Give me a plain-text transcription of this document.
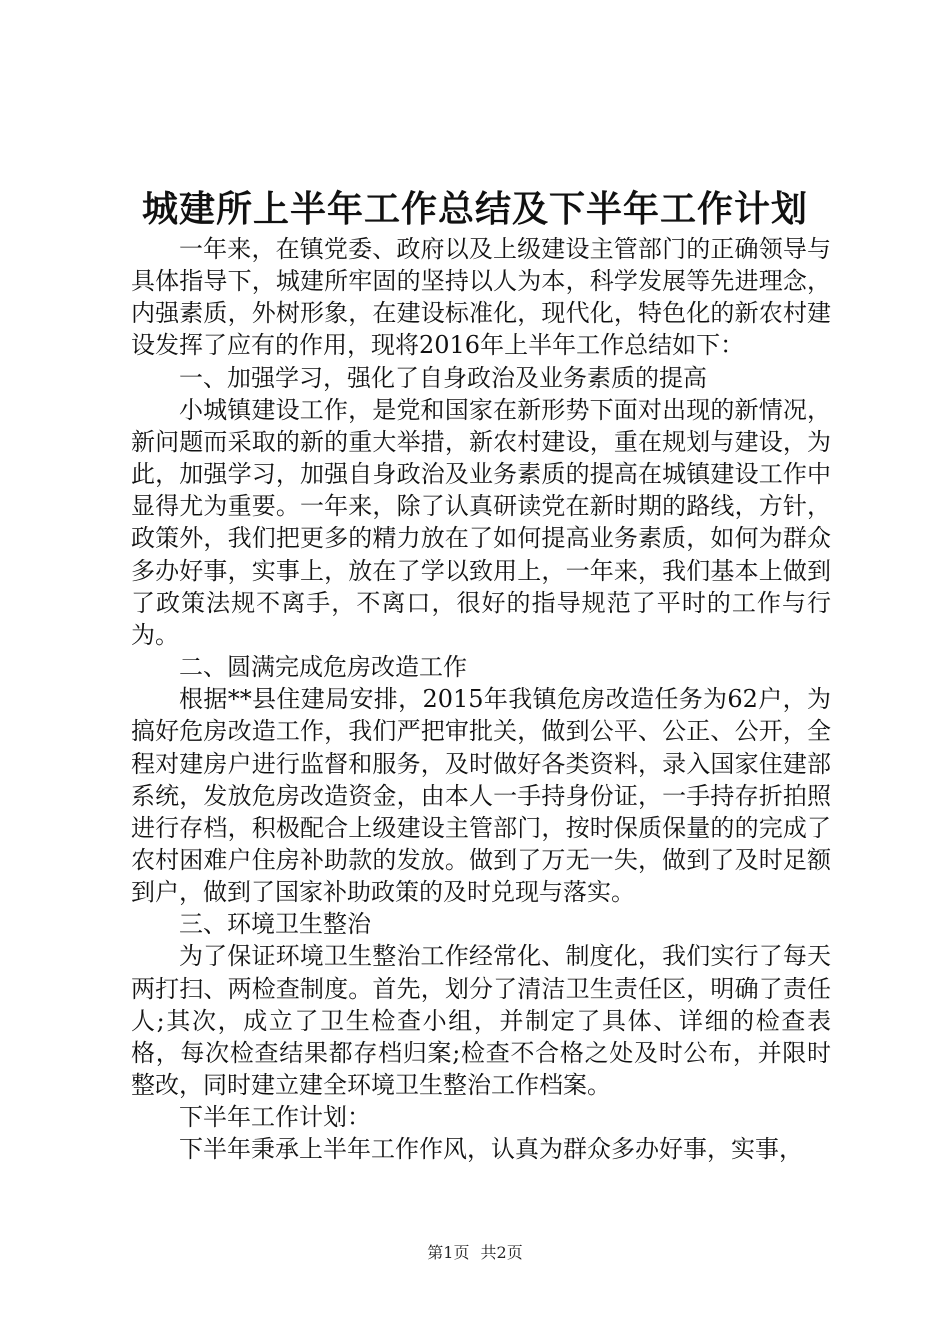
城建所上半年工作总结及下半年工作计划

一年来，在镇党委、政府以及上级建设主管部门的正确领导与具体指导下，城建所牢固的坚持以人为本，科学发展等先进理念，内强素质，外树形象，在建设标准化，现代化，特色化的新农村建设发挥了应有的作用，现将2016年上半年工作总结如下：

一、加强学习，强化了自身政治及业务素质的提高

小城镇建设工作，是党和国家在新形势下面对出现的新情况，新问题而采取的新的重大举措，新农村建设，重在规划与建设，为此，加强学习，加强自身政治及业务素质的提高在城镇建设工作中显得尤为重要。一年来，除了认真研读党在新时期的路线，方针，政策外，我们把更多的精力放在了如何提高业务素质，如何为群众多办好事，实事上，放在了学以致用上，一年来，我们基本上做到了政策法规不离手，不离口，很好的指导规范了平时的工作与行为。

二、圆满完成危房改造工作

根据**县住建局安排，2015年我镇危房改造任务为62户，为搞好危房改造工作，我们严把审批关，做到公平、公正、公开，全程对建房户进行监督和服务，及时做好各类资料，录入国家住建部系统，发放危房改造资金，由本人一手持身份证，一手持存折拍照进行存档，积极配合上级建设主管部门，按时保质保量的的完成了农村困难户住房补助款的发放。做到了万无一失，做到了及时足额到户，做到了国家补助政策的及时兑现与落实。

三、环境卫生整治

为了保证环境卫生整治工作经常化、制度化，我们实行了每天两打扫、两检查制度。首先，划分了清洁卫生责任区，明确了责任人;其次，成立了卫生检查小组，并制定了具体、详细的检查表格，每次检查结果都存档归案;检查不合格之处及时公布，并限时整改，同时建立建全环境卫生整治工作档案。

下半年工作计划：

下半年秉承上半年工作作风，认真为群众多办好事，实事，

第1页 共2页
